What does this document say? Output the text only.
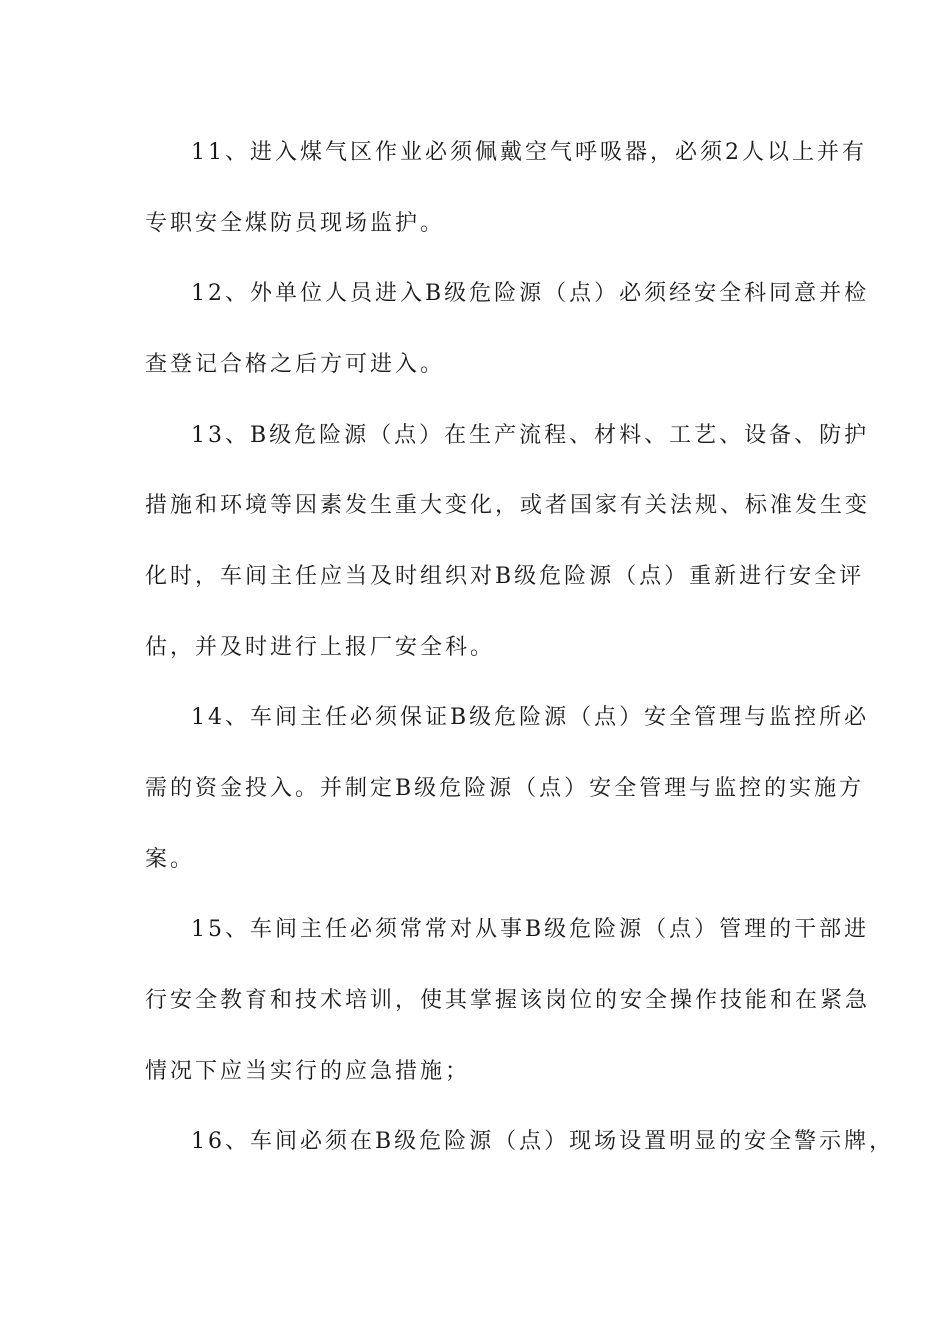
11、进入煤气区作业必须佩戴空气呼吸器，必须2人以上并有
专职安全煤防员现场监护。
12、外单位人员进入B级危险源（点）必须经安全科同意并检
查登记合格之后方可进入。
13、B级危险源（点）在生产流程、材料、工艺、设备、防护
措施和环境等因素发生重大变化，或者国家有关法规、标准发生变
化时，车间主任应当及时组织对B级危险源（点）重新进行安全评
估，并及时进行上报厂安全科。
14、车间主任必须保证B级危险源（点）安全管理与监控所必
需的资金投入。并制定B级危险源（点）安全管理与监控的实施方
案。
15、车间主任必须常常对从事B级危险源（点）管理的干部进
行安全教育和技术培训，使其掌握该岗位的安全操作技能和在紧急
情况下应当实行的应急措施；
16、车间必须在B级危险源（点）现场设置明显的安全警示牌，
